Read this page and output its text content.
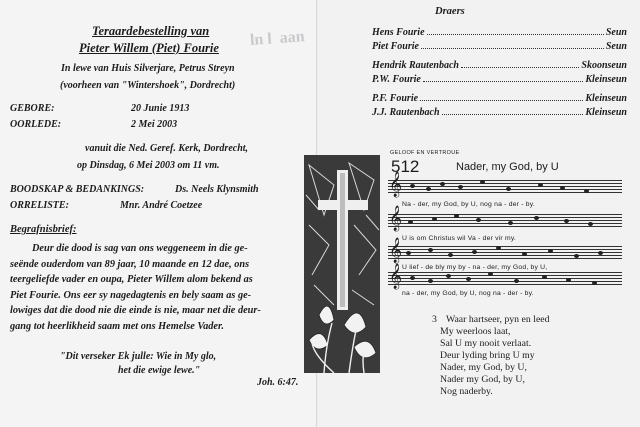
ln l  aan
Teraardebestelling van
Pieter Willem (Piet) Fourie
In lewe van Huis Silverjare, Petrus Streyn
(voorheen van "Wintershoek", Dordrecht)
GEBORE:	20 Junie 1913
OORLEDE:	2 Mei 2003
vanuit die Ned. Geref. Kerk, Dordrecht,
op Dinsdag, 6 Mei 2003 om 11 vm.
BOODSKAP & BEDANKINGS:	Ds. Neels Klynsmith
ORRELISTE:	Mnr. André Coetzee
Begrafnisbrief:
Deur die dood is sag van ons weggeneem in die ge-
seënde ouderdom van 89 jaar, 10 maande en 12 dae, ons
teergeliefde vader en oupa, Pieter Willem alom bekend as
Piet Fourie. Ons eer sy nagedagtenis en bely saam as ge-
lowiges dat die dood nie die einde is nie, maar net die deur-
gang tot heerlikheid saam met ons Hemelse Vader.
"Dit verseker Ek julle: Wie in My glo,
het die ewige lewe."
Joh. 6:47.
Draers
Hens Fourie	Seun
Piet Fourie	Seun
Hendrik Rautenbach	Skoonseun
P.W. Fourie	Kleinseun
P.F. Fourie	Kleinseun
J.J. Rautenbach	Kleinseun
GELOOF EN VERTROUE
512	Nader, my God, by U
𝄞
Na - der, my God, by U, nog na - der - by.
𝄞
U is om Christus wil Va - der vir my.
𝄞
U lief - de bly my by - na - der, my God, by U,
𝄞
na - der, my God, by U, nog na - der - by.
3 Waar hartseer, pyn en leed
My weerloos laat,
Sal U my nooit verlaat.
Deur lyding bring U my
Nader, my God, by U,
Nader my God, by U,
Nog naderby.
